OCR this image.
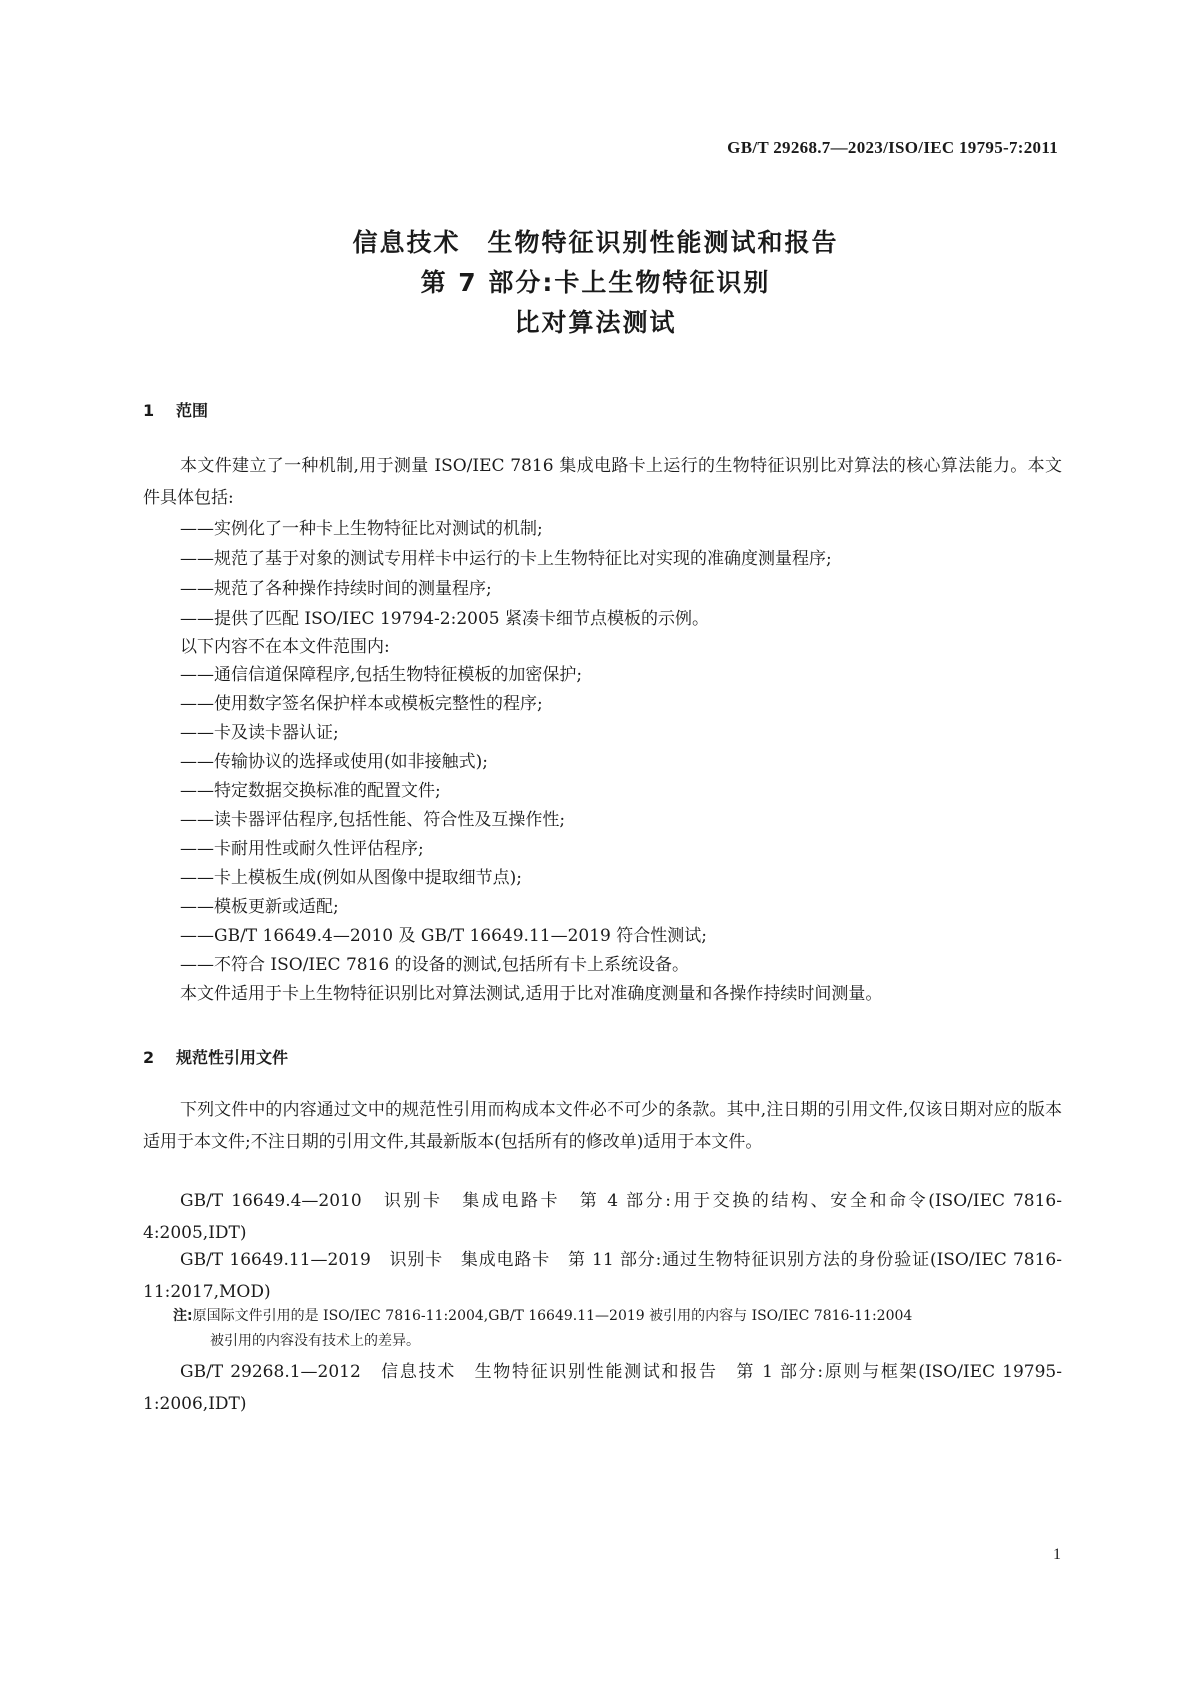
GB/T 29268.7—2023/ISO/IEC 19795-7:2011
信息技术　生物特征识别性能测试和报告
第 7 部分:卡上生物特征识别
比对算法测试
1 范围
本文件建立了一种机制,用于测量 ISO/IEC 7816 集成电路卡上运行的生物特征识别比对算法的核心算法能力。本文件具体包括:
——实例化了一种卡上生物特征比对测试的机制;
——规范了基于对象的测试专用样卡中运行的卡上生物特征比对实现的准确度测量程序;
——规范了各种操作持续时间的测量程序;
——提供了匹配 ISO/IEC 19794-2:2005 紧凑卡细节点模板的示例。
以下内容不在本文件范围内:
——通信信道保障程序,包括生物特征模板的加密保护;
——使用数字签名保护样本或模板完整性的程序;
——卡及读卡器认证;
——传输协议的选择或使用(如非接触式);
——特定数据交换标准的配置文件;
——读卡器评估程序,包括性能、符合性及互操作性;
——卡耐用性或耐久性评估程序;
——卡上模板生成(例如从图像中提取细节点);
——模板更新或适配;
——GB/T 16649.4—2010 及 GB/T 16649.11—2019 符合性测试;
——不符合 ISO/IEC 7816 的设备的测试,包括所有卡上系统设备。
本文件适用于卡上生物特征识别比对算法测试,适用于比对准确度测量和各操作持续时间测量。
2 规范性引用文件
下列文件中的内容通过文中的规范性引用而构成本文件必不可少的条款。其中,注日期的引用文件,仅该日期对应的版本适用于本文件;不注日期的引用文件,其最新版本(包括所有的修改单)适用于本文件。
GB/T 16649.4—2010　识别卡　集成电路卡　第 4 部分:用于交换的结构、安全和命令(ISO/IEC 7816-4:2005,IDT)
GB/T 16649.11—2019　识别卡　集成电路卡　第 11 部分:通过生物特征识别方法的身份验证(ISO/IEC 7816-11:2017,MOD)
注:原国际文件引用的是 ISO/IEC 7816-11:2004,GB/T 16649.11—2019 被引用的内容与 ISO/IEC 7816-11:2004
被引用的内容没有技术上的差异。
GB/T 29268.1—2012　信息技术　生物特征识别性能测试和报告　第 1 部分:原则与框架(ISO/IEC 19795-1:2006,IDT)
1
